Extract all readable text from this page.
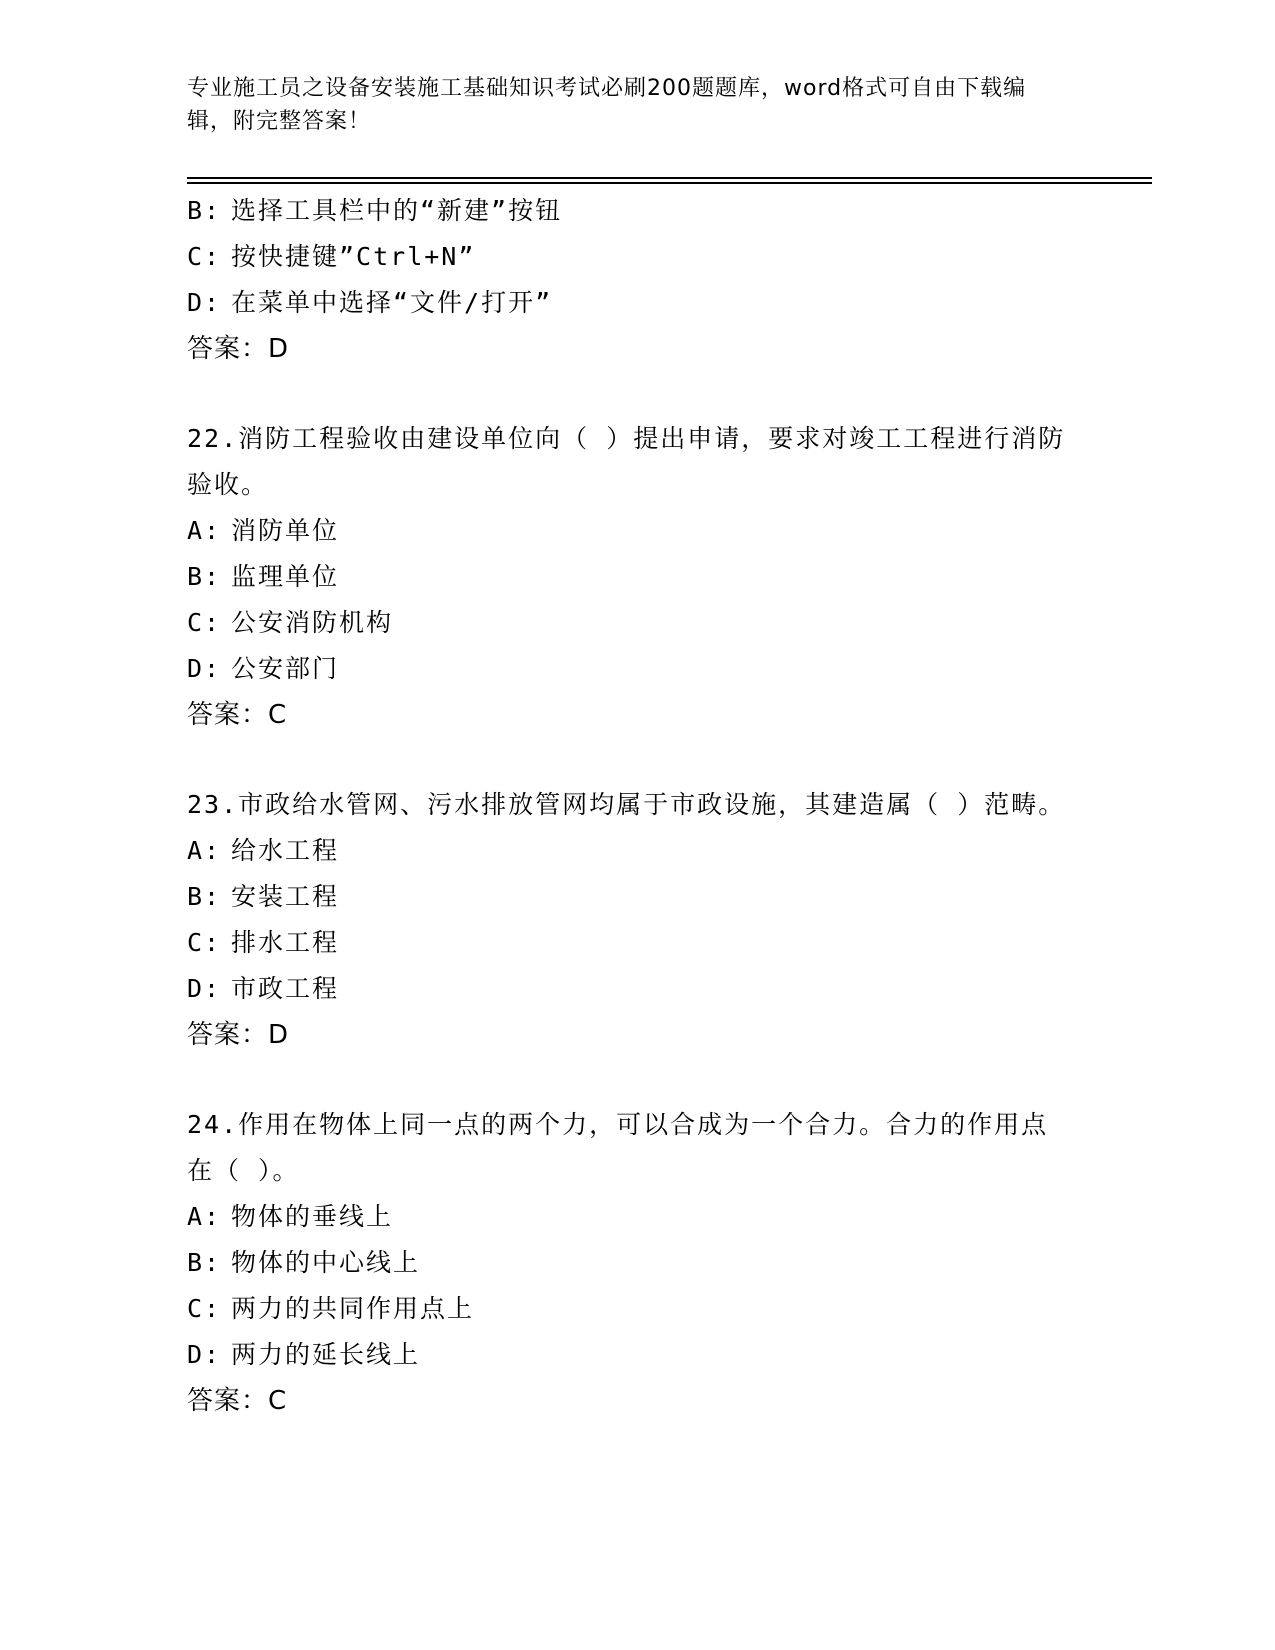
专业施工员之设备安装施工基础知识考试必刷200题题库，word格式可自由下载编辑，附完整答案！
B: 选择工具栏中的“新建”按钮
C: 按快捷键”Ctrl+N”
D: 在菜单中选择“文件/打开”
答案：D
22.消防工程验收由建设单位向（ ）提出申请，要求对竣工工程进行消防验收。
A: 消防单位
B: 监理单位
C: 公安消防机构
D: 公安部门
答案：C
23.市政给水管网、污水排放管网均属于市政设施，其建造属（ ）范畴。
A: 给水工程
B: 安装工程
C: 排水工程
D: 市政工程
答案：D
24.作用在物体上同一点的两个力，可以合成为一个合力。合力的作用点在（ ）。
A: 物体的垂线上
B: 物体的中心线上
C: 两力的共同作用点上
D: 两力的延长线上
答案：C
